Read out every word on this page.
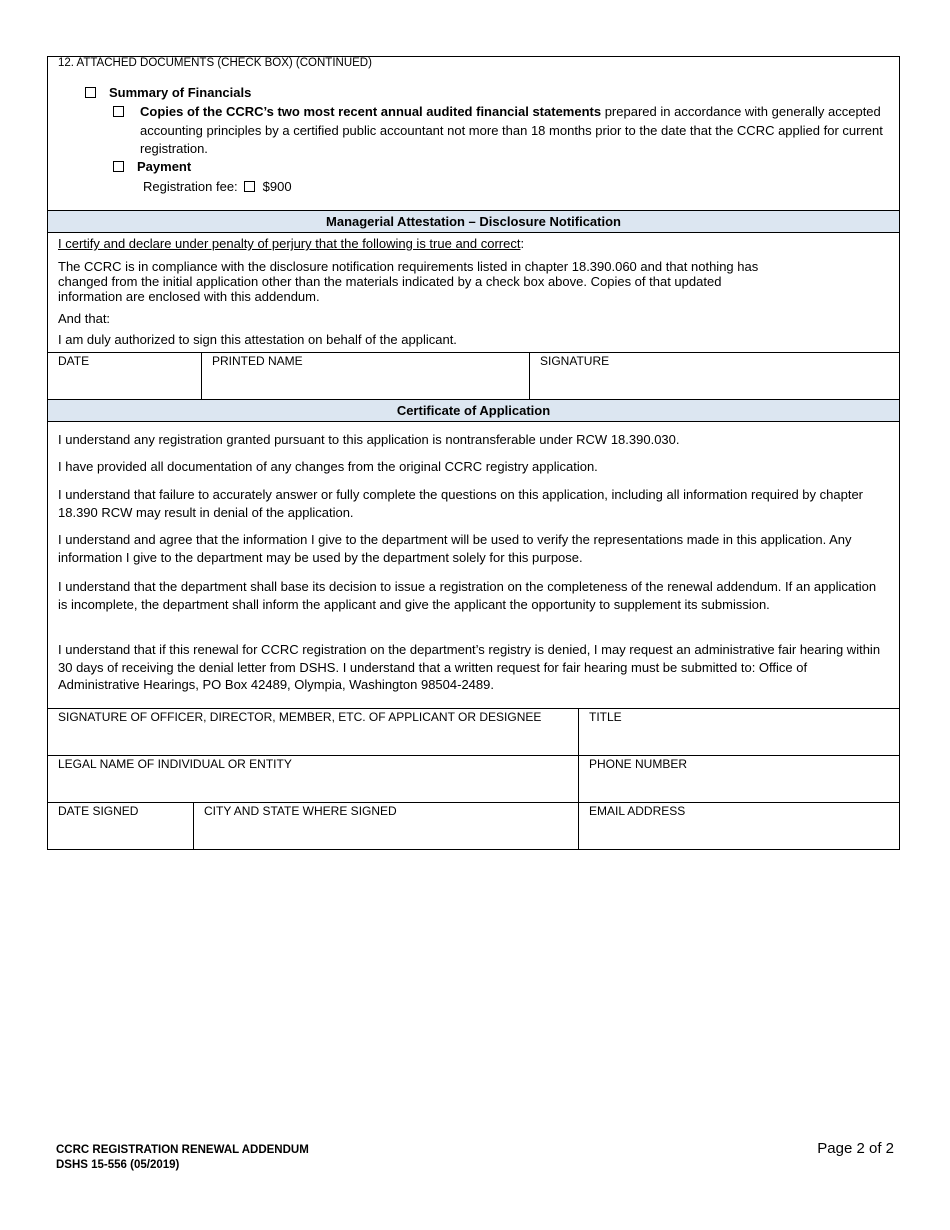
12. ATTACHED DOCUMENTS (CHECK BOX) (CONTINUED)
Summary of Financials
Copies of the CCRC’s two most recent annual audited financial statements prepared in accordance with generally accepted accounting principles by a certified public accountant not more than 18 months prior to the date that the CCRC applied for current registration.
Payment
Registration fee: $900
Managerial Attestation – Disclosure Notification

I certify and declare under penalty of perjury that the following is true and correct:

The CCRC is in compliance with the disclosure notification requirements listed in chapter 18.390.060 and that nothing has changed from the initial application other than the materials indicated by a check box above. Copies of that updated information are enclosed with this addendum.

And that:

I am duly authorized to sign this attestation on behalf of the applicant.

DATE	PRINTED NAME	SIGNATURE
Certificate of Application

I understand any registration granted pursuant to this application is nontransferable under RCW 18.390.030.

I have provided all documentation of any changes from the original CCRC registry application.

I understand that failure to accurately answer or fully complete the questions on this application, including all information required by chapter 18.390 RCW may result in denial of the application.

I understand and agree that the information I give to the department will be used to verify the representations made in this application. Any information I give to the department may be used by the department solely for this purpose.

I understand that the department shall base its decision to issue a registration on the completeness of the renewal addendum. If an application is incomplete, the department shall inform the applicant and give the applicant the opportunity to supplement its submission.

I understand that if this renewal for CCRC registration on the department’s registry is denied, I may request an administrative fair hearing within 30 days of receiving the denial letter from DSHS. I understand that a written request for fair hearing must be submitted to: Office of Administrative Hearings, PO Box 42489, Olympia, Washington 98504-2489.

SIGNATURE OF OFFICER, DIRECTOR, MEMBER, ETC. OF APPLICANT OR DESIGNEE	TITLE
LEGAL NAME OF INDIVIDUAL OR ENTITY	PHONE NUMBER
DATE SIGNED	CITY AND STATE WHERE SIGNED	EMAIL ADDRESS
CCRC REGISTRATION RENEWAL ADDENDUM
DSHS 15-556 (05/2019)
Page 2 of 2
